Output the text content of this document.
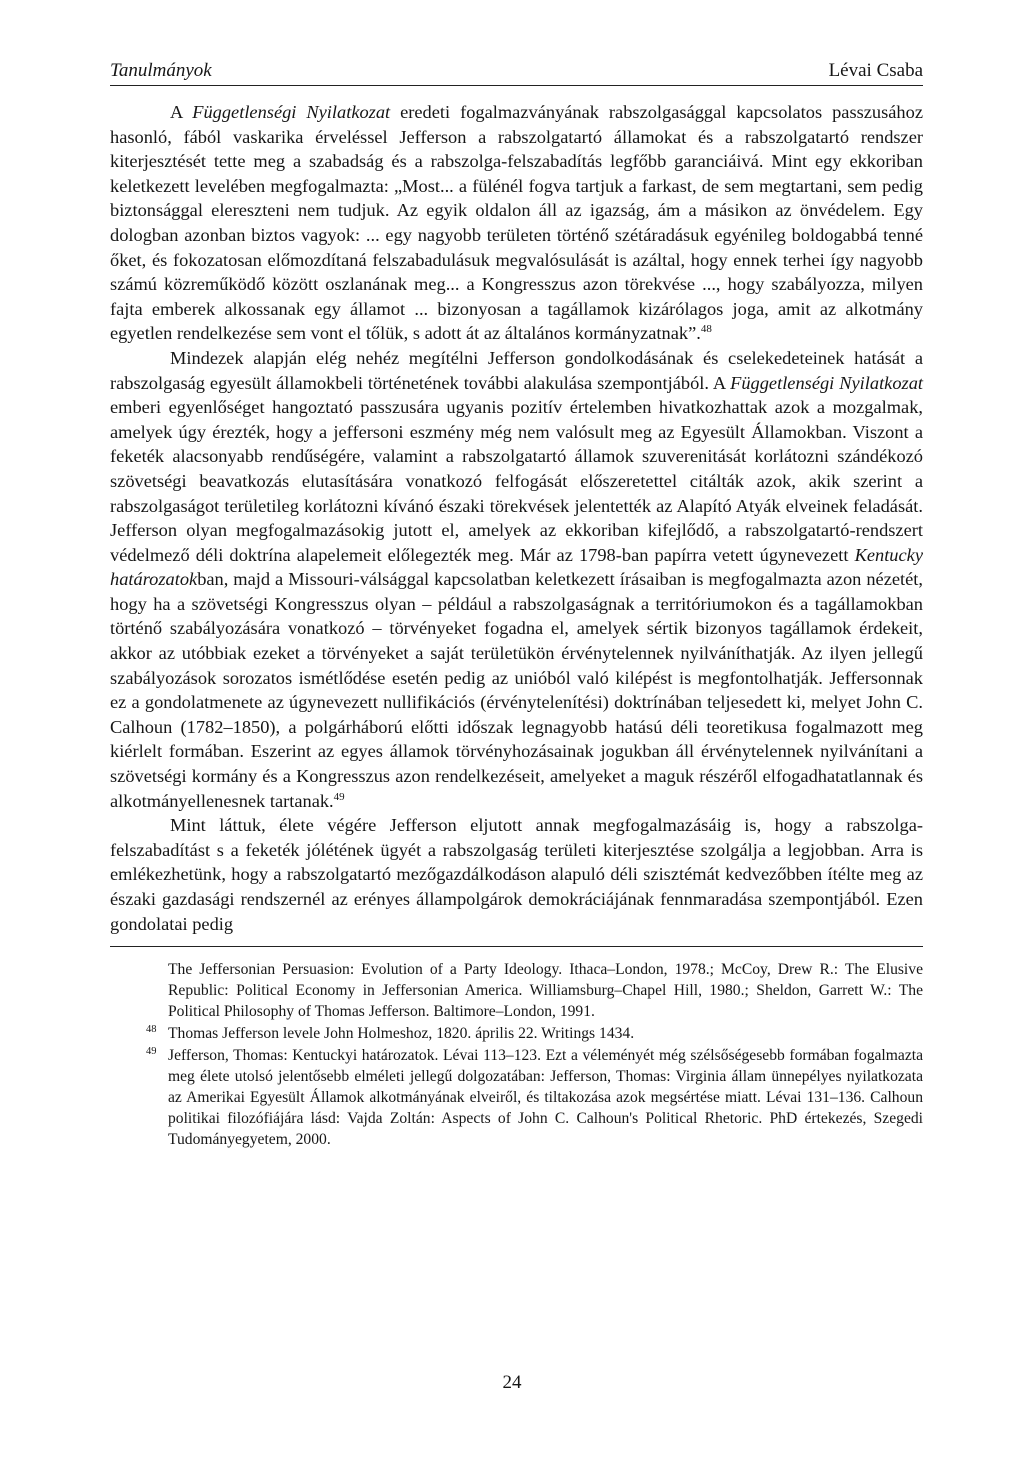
Tanulmányok	Lévai Csaba

A Függetlenségi Nyilatkozat eredeti fogalmazványának rabszolgasággal kapcsolatos passzusához hasonló, fából vaskarika érveléssel Jefferson a rabszolgatartó államokat és a rabszolgatartó rendszer kiterjesztését tette meg a szabadság és a rabszolga-felszabadítás legfőbb garanciáivá. Mint egy ekkoriban keletkezett levelében megfogalmazta: „Most... a fülénél fogva tartjuk a farkast, de sem megtartani, sem pedig biztonsággal elereszteni nem tudjuk. Az egyik oldalon áll az igazság, ám a másikon az önvédelem. Egy dologban azonban biztos vagyok: ... egy nagyobb területen történő szétáradásuk egyénileg boldogabbá tenné őket, és fokozatosan előmozdítaná felszabadulásuk megvalósulását is azáltal, hogy ennek terhei így nagyobb számú közreműködő között oszlanának meg... a Kongresszus azon törekvése ..., hogy szabályozza, milyen fajta emberek alkossanak egy államot ... bizonyosan a tagállamok kizárólagos joga, amit az alkotmány egyetlen rendelkezése sem vont el tőlük, s adott át az általános kormányzatnak”.$^{48}$

Mindezek alapján elég nehéz megítélni Jefferson gondolkodásának és cselekedeteinek hatását a rabszolgaság egyesült államokbeli történetének további alakulása szempontjából. A Függetlenségi Nyilatkozat emberi egyenlőséget hangoztató passzusára ugyanis pozitív értelemben hivatkozhattak azok a mozgalmak, amelyek úgy érezték, hogy a jeffersoni eszmény még nem valósult meg az Egyesült Államokban. Viszont a feketék alacsonyabb rendűségére, valamint a rabszolgatartó államok szuverenitását korlátozni szándékozó szövetségi beavatkozás elutasítására vonatkozó felfogását előszeretettel citálták azok, akik szerint a rabszolgaságot területileg korlátozni kívánó északi törekvések jelentették az Alapító Atyák elveinek feladását. Jefferson olyan megfogalmazásokig jutott el, amelyek az ekkoriban kifejlődő, a rabszolgatartó-rendszert védelmező déli doktrína alapelemeit előlegezték meg. Már az 1798-ban papírra vetett úgynevezett Kentucky határozatokban, majd a Missouri-válsággal kapcsolatban keletkezett írásaiban is megfogalmazta azon nézetét, hogy ha a szövetségi Kongresszus olyan – például a rabszolgaságnak a territóriumokon és a tagállamokban történő szabályozására vonatkozó – törvényeket fogadna el, amelyek sértik bizonyos tagállamok érdekeit, akkor az utóbbiak ezeket a törvényeket a saját területükön érvénytelennek nyilváníthatják. Az ilyen jellegű szabályozások sorozatos ismétlődése esetén pedig az unióból való kilépést is megfontolhatják. Jeffersonnak ez a gondolatmenete az úgynevezett nullifikációs (érvénytelenítési) doktrínában teljesedett ki, melyet John C. Calhoun (1782–1850), a polgárháború előtti időszak legnagyobb hatású déli teoretikusa fogalmazott meg kiérlelt formában. Eszerint az egyes államok törvényhozásainak jogukban áll érvénytelennek nyilvánítani a szövetségi kormány és a Kongresszus azon rendelkezéseit, amelyeket a maguk részéről elfogadhatatlannak és alkotmányellenesnek tartanak.$^{49}$

Mint láttuk, élete végére Jefferson eljutott annak megfogalmazásáig is, hogy a rabszolga-felszabadítást s a feketék jólétének ügyét a rabszolgaság területi kiterjesztése szolgálja a legjobban. Arra is emlékezhetünk, hogy a rabszolgatartó mezőgazdálkodáson alapuló déli szisztémát kedvezőbben ítélte meg az északi gazdasági rendszernél az erényes állampolgárok demokráciájának fennmaradása szempontjából. Ezen gondolatai pedig

The Jeffersonian Persuasion: Evolution of a Party Ideology. Ithaca–London, 1978.; McCoy, Drew R.: The Elusive Republic: Political Economy in Jeffersonian America. Williamsburg–Chapel Hill, 1980.; Sheldon, Garrett W.: The Political Philosophy of Thomas Jefferson. Baltimore–London, 1991.

48 Thomas Jefferson levele John Holmeshoz, 1820. április 22. Writings 1434.

49 Jefferson, Thomas: Kentuckyi határozatok. Lévai 113–123. Ezt a véleményét még szélsőségesebb formában fogalmazta meg élete utolsó jelentősebb elméleti jellegű dolgozatában: Jefferson, Thomas: Virginia állam ünnepélyes nyilatkozata az Amerikai Egyesült Államok alkotmányának elveiről, és tiltakozása azok megsértése miatt. Lévai 131–136. Calhoun politikai filozófiájára lásd: Vajda Zoltán: Aspects of John C. Calhoun's Political Rhetoric. PhD értekezés, Szegedi Tudományegyetem, 2000.

24
